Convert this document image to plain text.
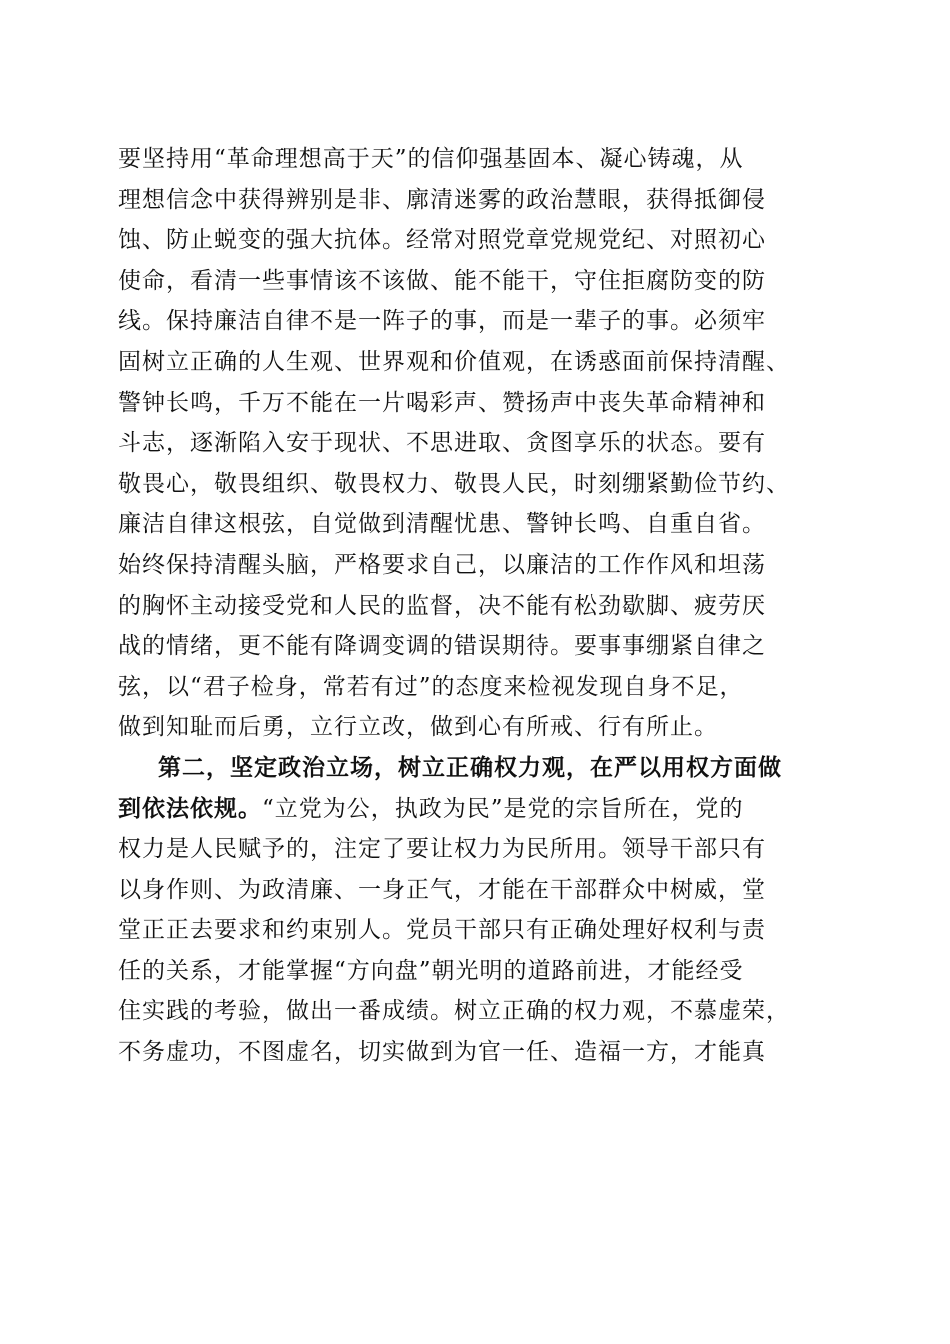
要坚持用“革命理想高于天”的信仰强基固本、凝心铸魂，从
理想信念中获得辨别是非、廓清迷雾的政治慧眼，获得抵御侵
蚀、防止蜕变的强大抗体。经常对照党章党规党纪、对照初心
使命，看清一些事情该不该做、能不能干，守住拒腐防变的防
线。保持廉洁自律不是一阵子的事，而是一辈子的事。必须牢
固树立正确的人生观、世界观和价值观，在诱惑面前保持清醒、
警钟长鸣，千万不能在一片喝彩声、赞扬声中丧失革命精神和
斗志，逐渐陷入安于现状、不思进取、贪图享乐的状态。要有
敬畏心，敬畏组织、敬畏权力、敬畏人民，时刻绷紧勤俭节约、
廉洁自律这根弦，自觉做到清醒忧患、警钟长鸣、自重自省。
始终保持清醒头脑，严格要求自己，以廉洁的工作作风和坦荡
的胸怀主动接受党和人民的监督，决不能有松劲歇脚、疲劳厌
战的情绪，更不能有降调变调的错误期待。要事事绷紧自律之
弦，以“君子检身，常若有过”的态度来检视发现自身不足，
做到知耻而后勇，立行立改，做到心有所戒、行有所止。
第二，坚定政治立场，树立正确权力观，在严以用权方面做
到依法依规。“立党为公，执政为民”是党的宗旨所在，党的
权力是人民赋予的，注定了要让权力为民所用。领导干部只有
以身作则、为政清廉、一身正气，才能在干部群众中树威，堂
堂正正去要求和约束别人。党员干部只有正确处理好权利与责
任的关系，才能掌握“方向盘”朝光明的道路前进，才能经受
住实践的考验，做出一番成绩。树立正确的权力观，不慕虚荣，
不务虚功，不图虚名，切实做到为官一任、造福一方，才能真
